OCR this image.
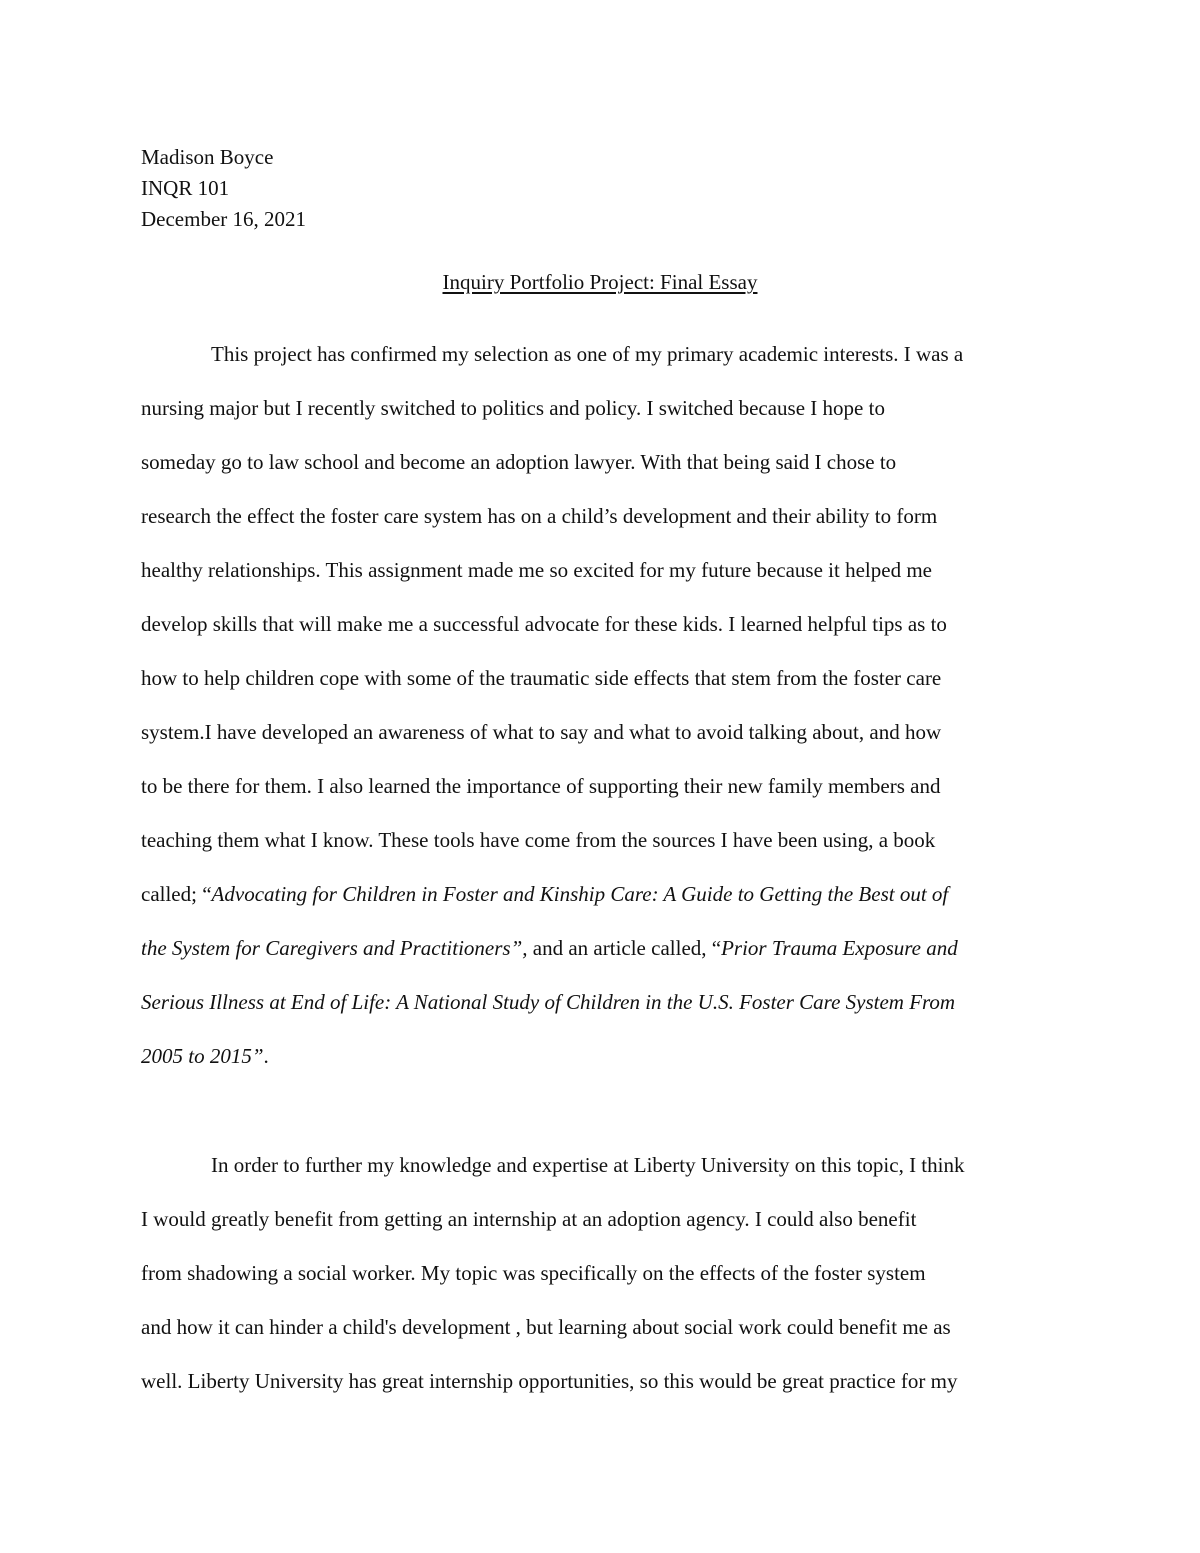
Madison Boyce
INQR 101
December 16, 2021
Inquiry Portfolio Project: Final Essay
This project has confirmed my selection as one of my primary academic interests. I was a
nursing major but I recently switched to politics and policy. I switched because I hope to
someday go to law school and become an adoption lawyer. With that being said I chose to
research the effect the foster care system has on a child’s development and their ability to form
healthy relationships. This assignment made me so excited for my future because it helped me
develop skills that will make me a successful advocate for these kids. I learned helpful tips as to
how to help children cope with some of the traumatic side effects that stem from the foster care
system.I have developed an awareness of what to say and what to avoid talking about, and how
to be there for them. I also learned the importance of supporting their new family members and
teaching them what I know. These tools have come from the sources I have been using, a book
called; “Advocating for Children in Foster and Kinship Care: A Guide to Getting the Best out of
the System for Caregivers and Practitioners”, and an article called, “Prior Trauma Exposure and
Serious Illness at End of Life: A National Study of Children in the U.S. Foster Care System From
2005 to 2015”.
In order to further my knowledge and expertise at Liberty University on this topic, I think
I would greatly benefit from getting an internship at an adoption agency. I could also benefit
from shadowing a social worker. My topic was specifically on the effects of the foster system
and how it can hinder a child's development , but learning about social work could benefit me as
well. Liberty University has great internship opportunities, so this would be great practice for my
